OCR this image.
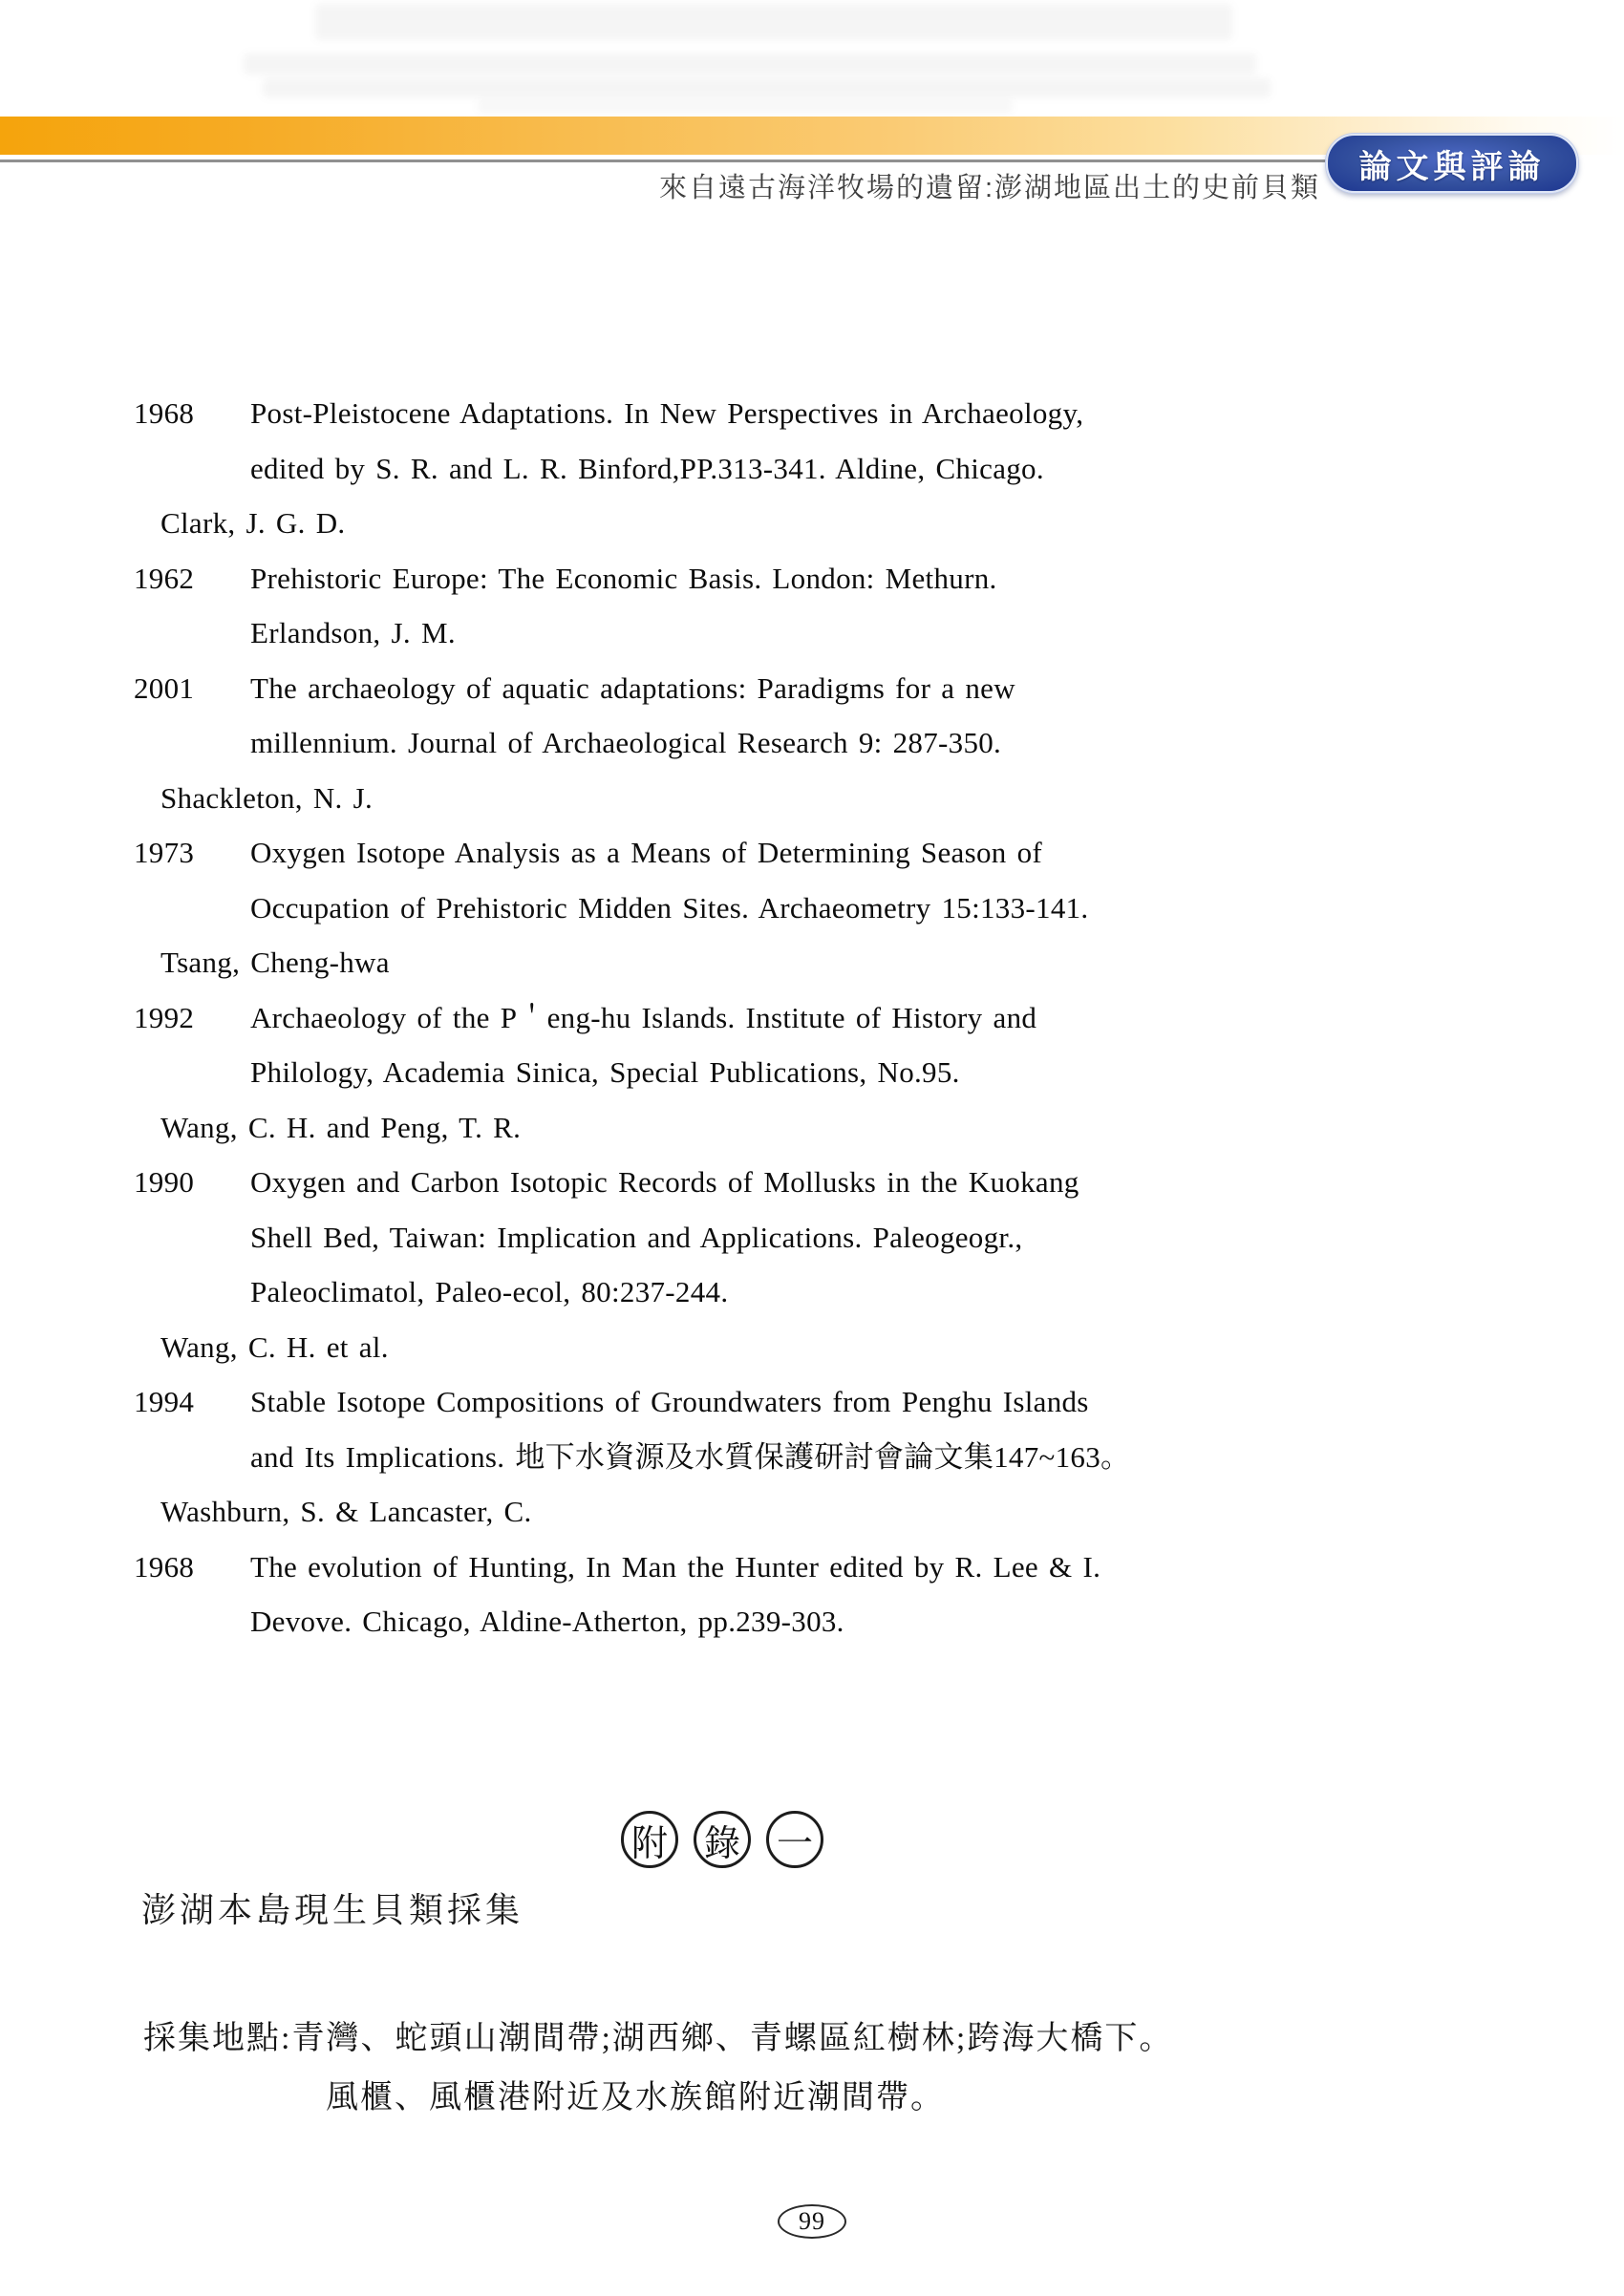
來自遠古海洋牧場的遺留:澎湖地區出土的史前貝類
論文與評論
1968 Post-Pleistocene Adaptations. In New Perspectives in Archaeology,
edited by S. R. and L. R. Binford,PP.313-341. Aldine, Chicago.
Clark, J. G. D.
1962 Prehistoric Europe: The Economic Basis. London: Methurn.
Erlandson, J. M.
2001 The archaeology of aquatic adaptations: Paradigms for a new
millennium. Journal of Archaeological Research 9: 287-350.
Shackleton, N. J.
1973 Oxygen Isotope Analysis as a Means of Determining Season of
Occupation of Prehistoric Midden Sites. Archaeometry 15:133-141.
Tsang, Cheng-hwa
1992 Archaeology of the P＇eng-hu Islands. Institute of History and
Philology, Academia Sinica, Special Publications, No.95.
Wang, C. H. and Peng, T. R.
1990 Oxygen and Carbon Isotopic Records of Mollusks in the Kuokang
Shell Bed, Taiwan: Implication and Applications. Paleogeogr.,
Paleoclimatol, Paleo-ecol, 80:237-244.
Wang, C. H. et al.
1994 Stable Isotope Compositions of Groundwaters from Penghu Islands
and Its Implications. 地下水資源及水質保護研討會論文集147~163。
Washburn, S. & Lancaster, C.
1968 The evolution of Hunting, In Man the Hunter edited by R. Lee & I.
Devove. Chicago, Aldine-Atherton, pp.239-303.
附 錄 一
澎湖本島現生貝類採集
採集地點:青灣、蛇頭山潮間帶;湖西鄉、青螺區紅樹林;跨海大橋下。
風櫃、風櫃港附近及水族館附近潮間帶。
99
